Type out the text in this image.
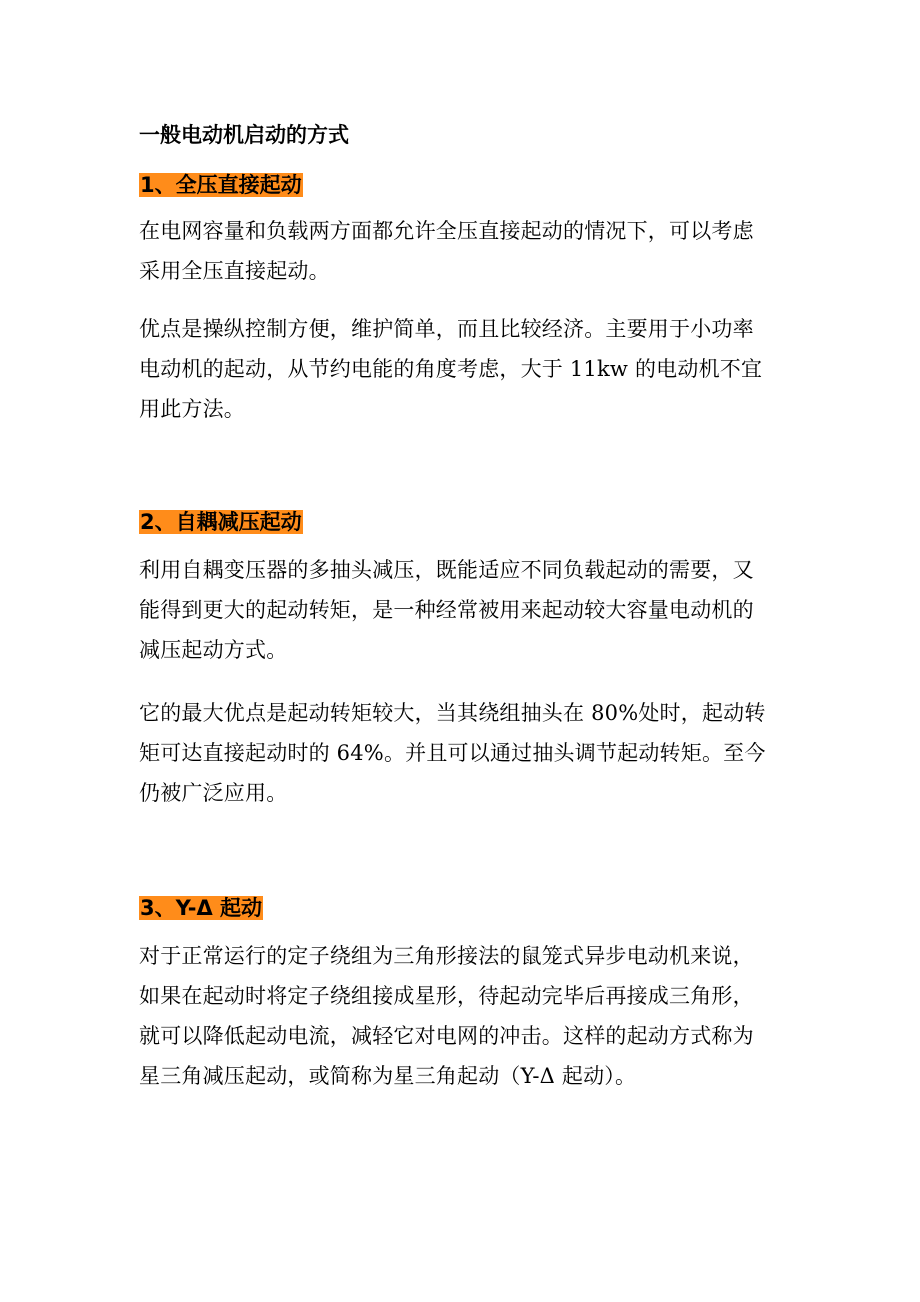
一般电动机启动的方式
1、全压直接起动

在电网容量和负载两方面都允许全压直接起动的情况下，可以考虑
采用全压直接起动。

优点是操纵控制方便，维护简单，而且比较经济。主要用于小功率
电动机的起动，从节约电能的角度考虑，大于 11kw 的电动机不宜
用此方法。

2、自耦减压起动

利用自耦变压器的多抽头减压，既能适应不同负载起动的需要，又
能得到更大的起动转矩，是一种经常被用来起动较大容量电动机的
减压起动方式。

它的最大优点是起动转矩较大，当其绕组抽头在 80%处时，起动转
矩可达直接起动时的 64%。并且可以通过抽头调节起动转矩。至今
仍被广泛应用。

3、Y-Δ 起动

对于正常运行的定子绕组为三角形接法的鼠笼式异步电动机来说，
如果在起动时将定子绕组接成星形，待起动完毕后再接成三角形，
就可以降低起动电流，减轻它对电网的冲击。这样的起动方式称为
星三角减压起动，或简称为星三角起动（Y-Δ 起动）。
